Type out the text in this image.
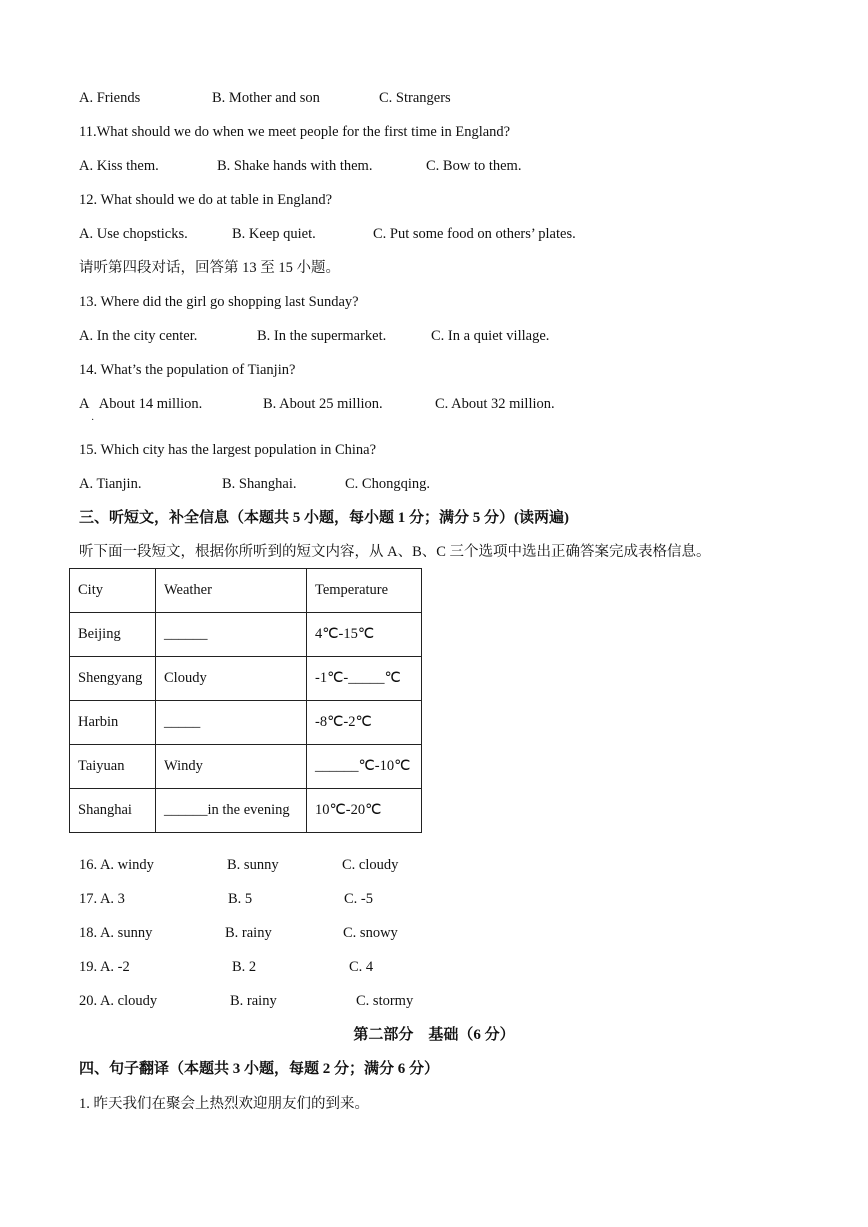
A. Friends	B. Mother and son	C. Strangers
11.What should we do when we meet people for the first time in England?
A. Kiss them.	B. Shake hands with them.	C. Bow to them.
12. What should we do at table in England?
A. Use chopsticks.	B. Keep quiet.	C. Put some food on others’ plates.
请听第四段对话，回答第 13 至 15 小题。
13. Where did the girl go shopping last Sunday?
A. In the city center.	B. In the supermarket.	C. In a quiet village.
14. What’s the population of Tianjin?
A   About 14 million.	B. About 25 million.	C. About 32 million.
·
15. Which city has the largest population in China?
A. Tianjin.	B. Shanghai.	C. Chongqing.
三、听短文，补全信息（本题共 5 小题，每小题 1 分；满分 5 分）(读两遍)
听下面一段短文，根据你所听到的短文内容，从 A、B、C 三个选项中选出正确答案完成表格信息。
City	Weather	Temperature
Beijing	______	4℃-15℃
Shengyang	Cloudy	-1℃-_____℃
Harbin	_____	-8℃-2℃
Taiyuan	Windy	______℃-10℃
Shanghai	______in the evening	10℃-20℃
16. A. windy	B. sunny	C. cloudy
17. A. 3	B. 5	C. -5
18. A. sunny	B. rainy	C. snowy
19. A. -2	B. 2	C. 4
20. A. cloudy	B. rainy	C. stormy
第二部分    基础（6 分）
四、句子翻译（本题共 3 小题，每题 2 分；满分 6 分）
1. 昨天我们在聚会上热烈欢迎朋友们的到来。
